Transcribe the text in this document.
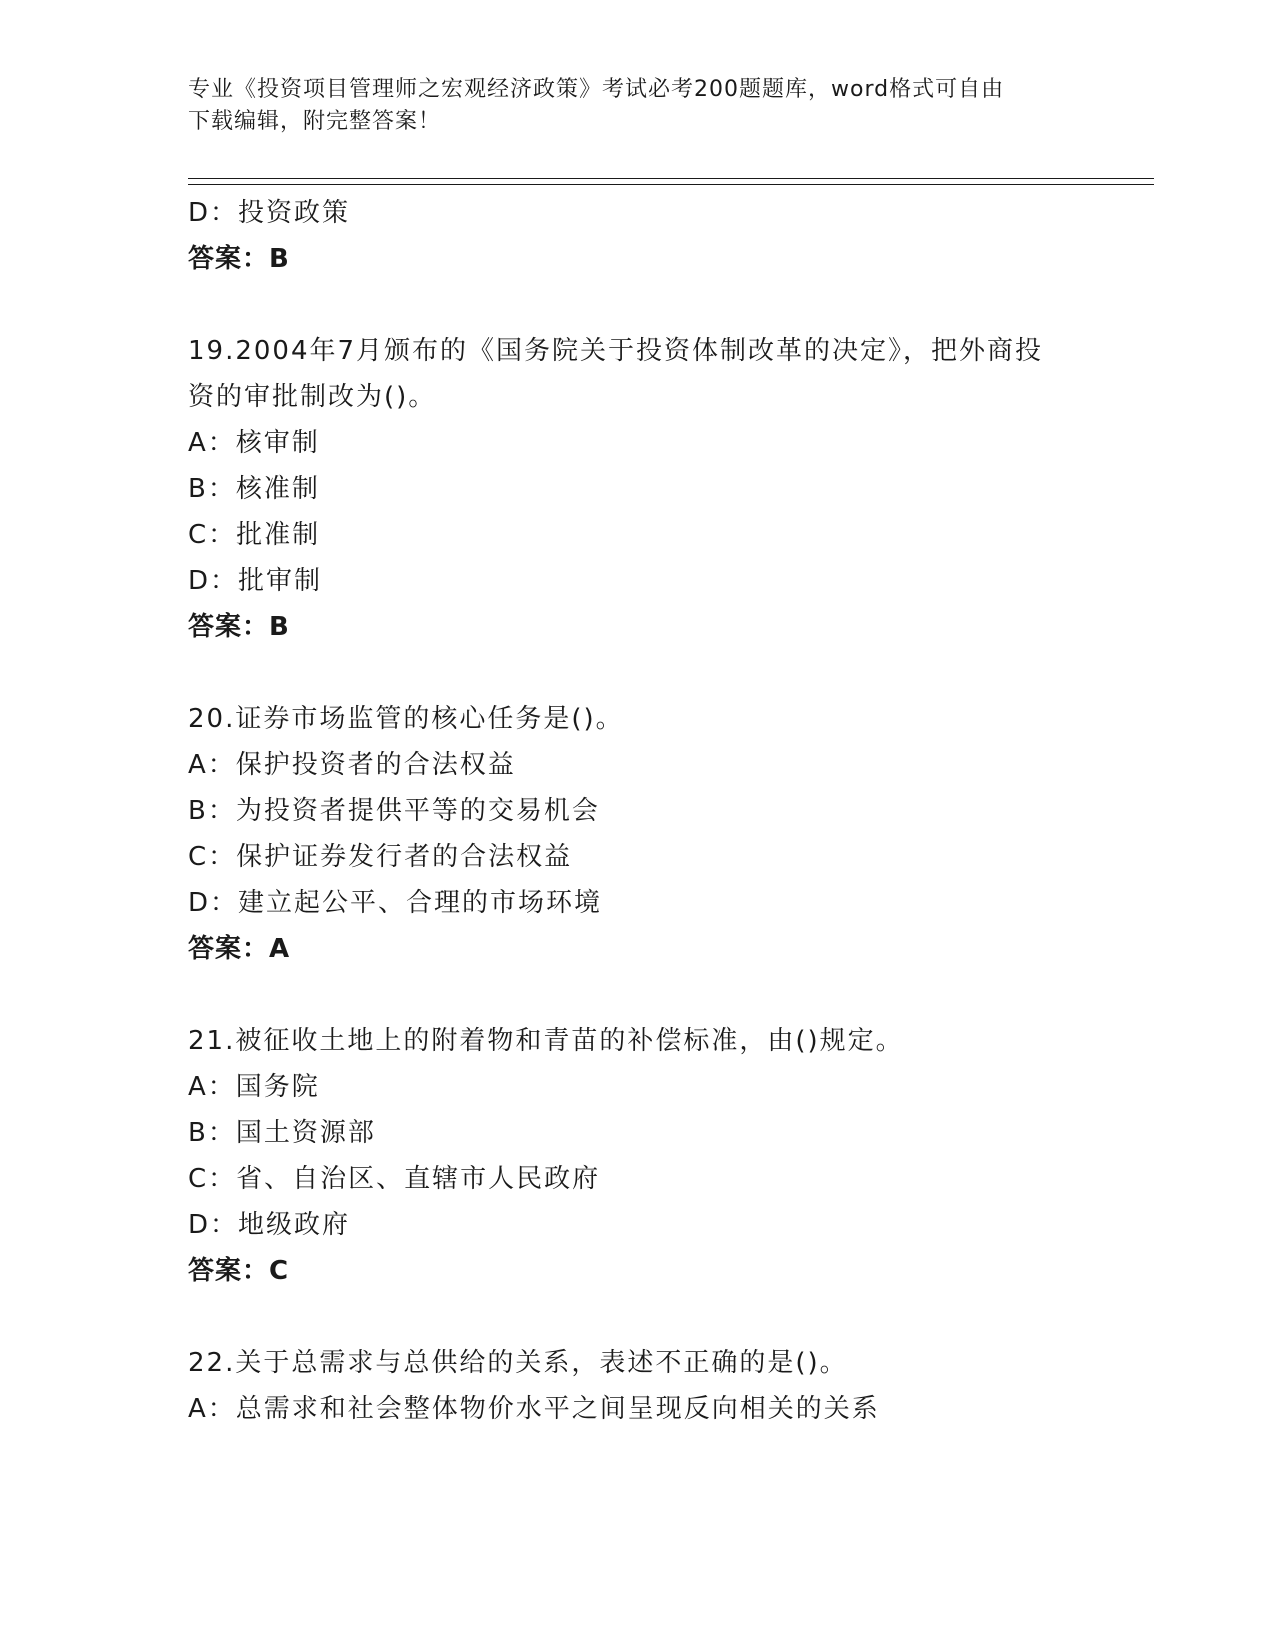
专业《投资项目管理师之宏观经济政策》考试必考200题题库，word格式可自由
下载编辑，附完整答案！
D：投资政策
答案：B
19.2004年7月颁布的《国务院关于投资体制改革的决定》，把外商投
资的审批制改为()。
A：核审制
B：核准制
C：批准制
D：批审制
答案：B
20.证券市场监管的核心任务是()。
A：保护投资者的合法权益
B：为投资者提供平等的交易机会
C：保护证券发行者的合法权益
D：建立起公平、合理的市场环境
答案：A
21.被征收土地上的附着物和青苗的补偿标准，由()规定。
A：国务院
B：国土资源部
C：省、自治区、直辖市人民政府
D：地级政府
答案：C
22.关于总需求与总供给的关系，表述不正确的是()。
A：总需求和社会整体物价水平之间呈现反向相关的关系
